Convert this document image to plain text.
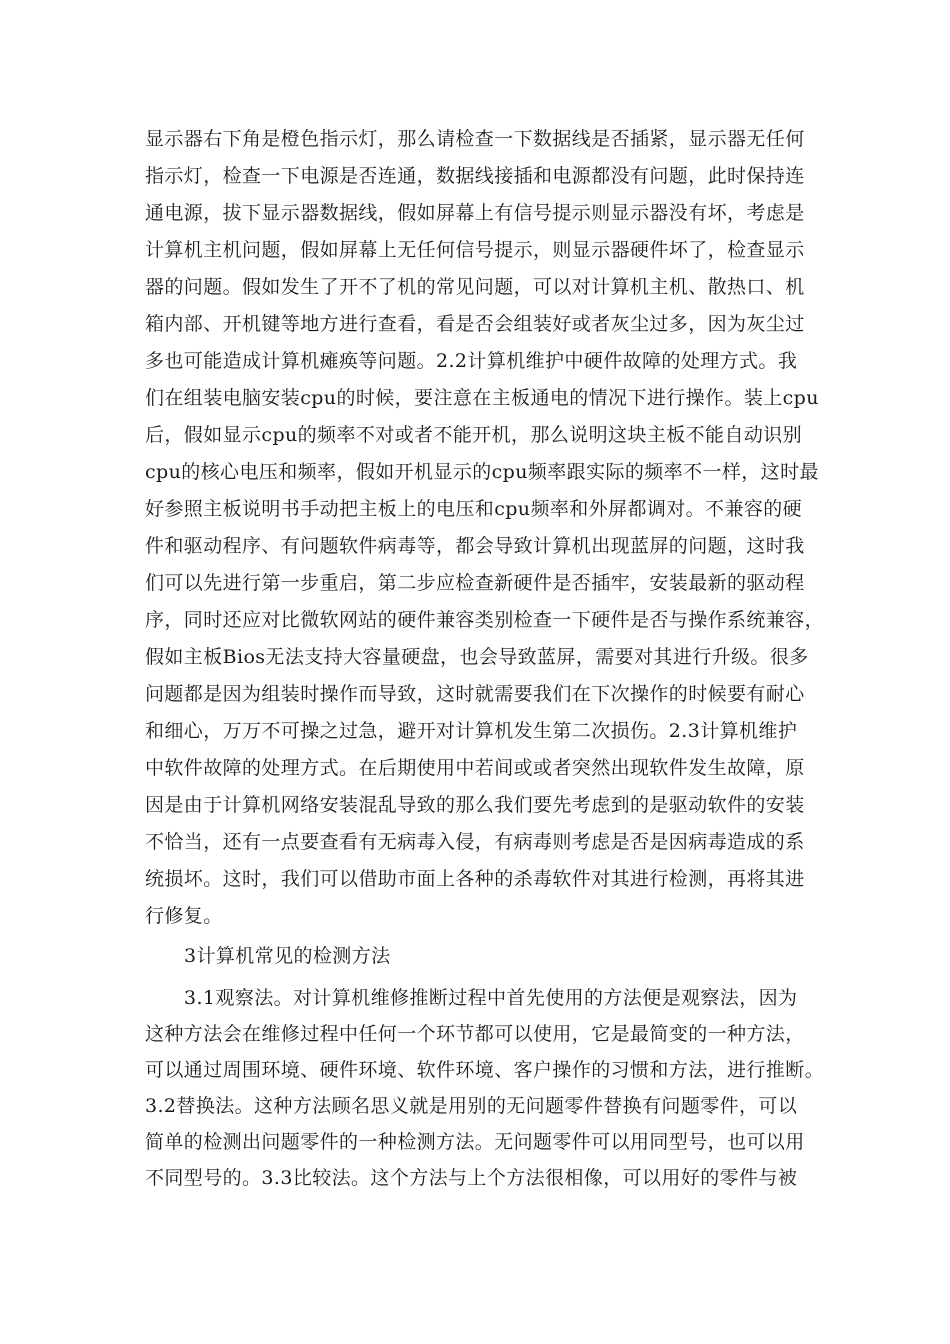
显示器右下角是橙色指示灯，那么请检查一下数据线是否插紧，显示器无任何
指示灯，检查一下电源是否连通，数据线接插和电源都没有问题，此时保持连
通电源，拔下显示器数据线，假如屏幕上有信号提示则显示器没有坏，考虑是
计算机主机问题，假如屏幕上无任何信号提示，则显示器硬件坏了，检查显示
器的问题。假如发生了开不了机的常见问题，可以对计算机主机、散热口、机
箱内部、开机键等地方进行查看，看是否会组装好或者灰尘过多，因为灰尘过
多也可能造成计算机瘫痪等问题。2.2计算机维护中硬件故障的处理方式。我
们在组装电脑安装cpu的时候，要注意在主板通电的情况下进行操作。装上cpu
后，假如显示cpu的频率不对或者不能开机，那么说明这块主板不能自动识别
cpu的核心电压和频率，假如开机显示的cpu频率跟实际的频率不一样，这时最
好参照主板说明书手动把主板上的电压和cpu频率和外屏都调对。不兼容的硬
件和驱动程序、有问题软件病毒等，都会导致计算机出现蓝屏的问题，这时我
们可以先进行第一步重启，第二步应检查新硬件是否插牢，安装最新的驱动程
序，同时还应对比微软网站的硬件兼容类别检查一下硬件是否与操作系统兼容，
假如主板Bios无法支持大容量硬盘，也会导致蓝屏，需要对其进行升级。很多
问题都是因为组装时操作而导致，这时就需要我们在下次操作的时候要有耐心
和细心，万万不可操之过急，避开对计算机发生第二次损伤。2.3计算机维护
中软件故障的处理方式。在后期使用中若间或或者突然出现软件发生故障，原
因是由于计算机网络安装混乱导致的那么我们要先考虑到的是驱动软件的安装
不恰当，还有一点要查看有无病毒入侵，有病毒则考虑是否是因病毒造成的系
统损坏。这时，我们可以借助市面上各种的杀毒软件对其进行检测，再将其进
行修复。
3计算机常见的检测方法
3.1观察法。对计算机维修推断过程中首先使用的方法便是观察法，因为
这种方法会在维修过程中任何一个环节都可以使用，它是最简变的一种方法，
可以通过周围环境、硬件环境、软件环境、客户操作的习惯和方法，进行推断。
3.2替换法。这种方法顾名思义就是用别的无问题零件替换有问题零件，可以
简单的检测出问题零件的一种检测方法。无问题零件可以用同型号，也可以用
不同型号的。3.3比较法。这个方法与上个方法很相像，可以用好的零件与被
